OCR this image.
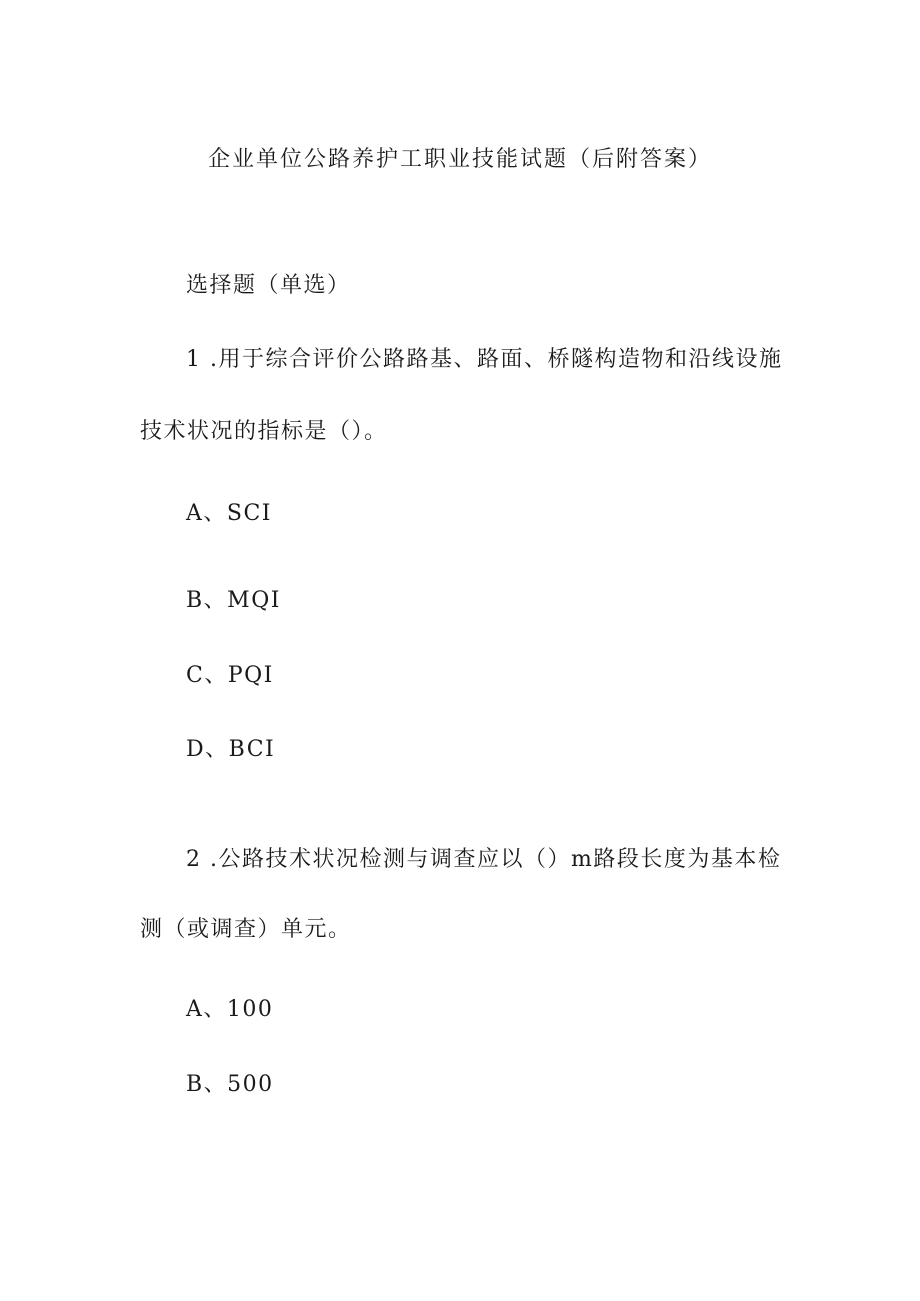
企业单位公路养护工职业技能试题（后附答案）
选择题（单选）
1 .用于综合评价公路路基、路面、桥隧构造物和沿线设施
技术状况的指标是（）。
A、SCI
B、MQI
C、PQI
D、BCI
2 .公路技术状况检测与调查应以（）m路段长度为基本检
测（或调查）单元。
A、100
B、500
